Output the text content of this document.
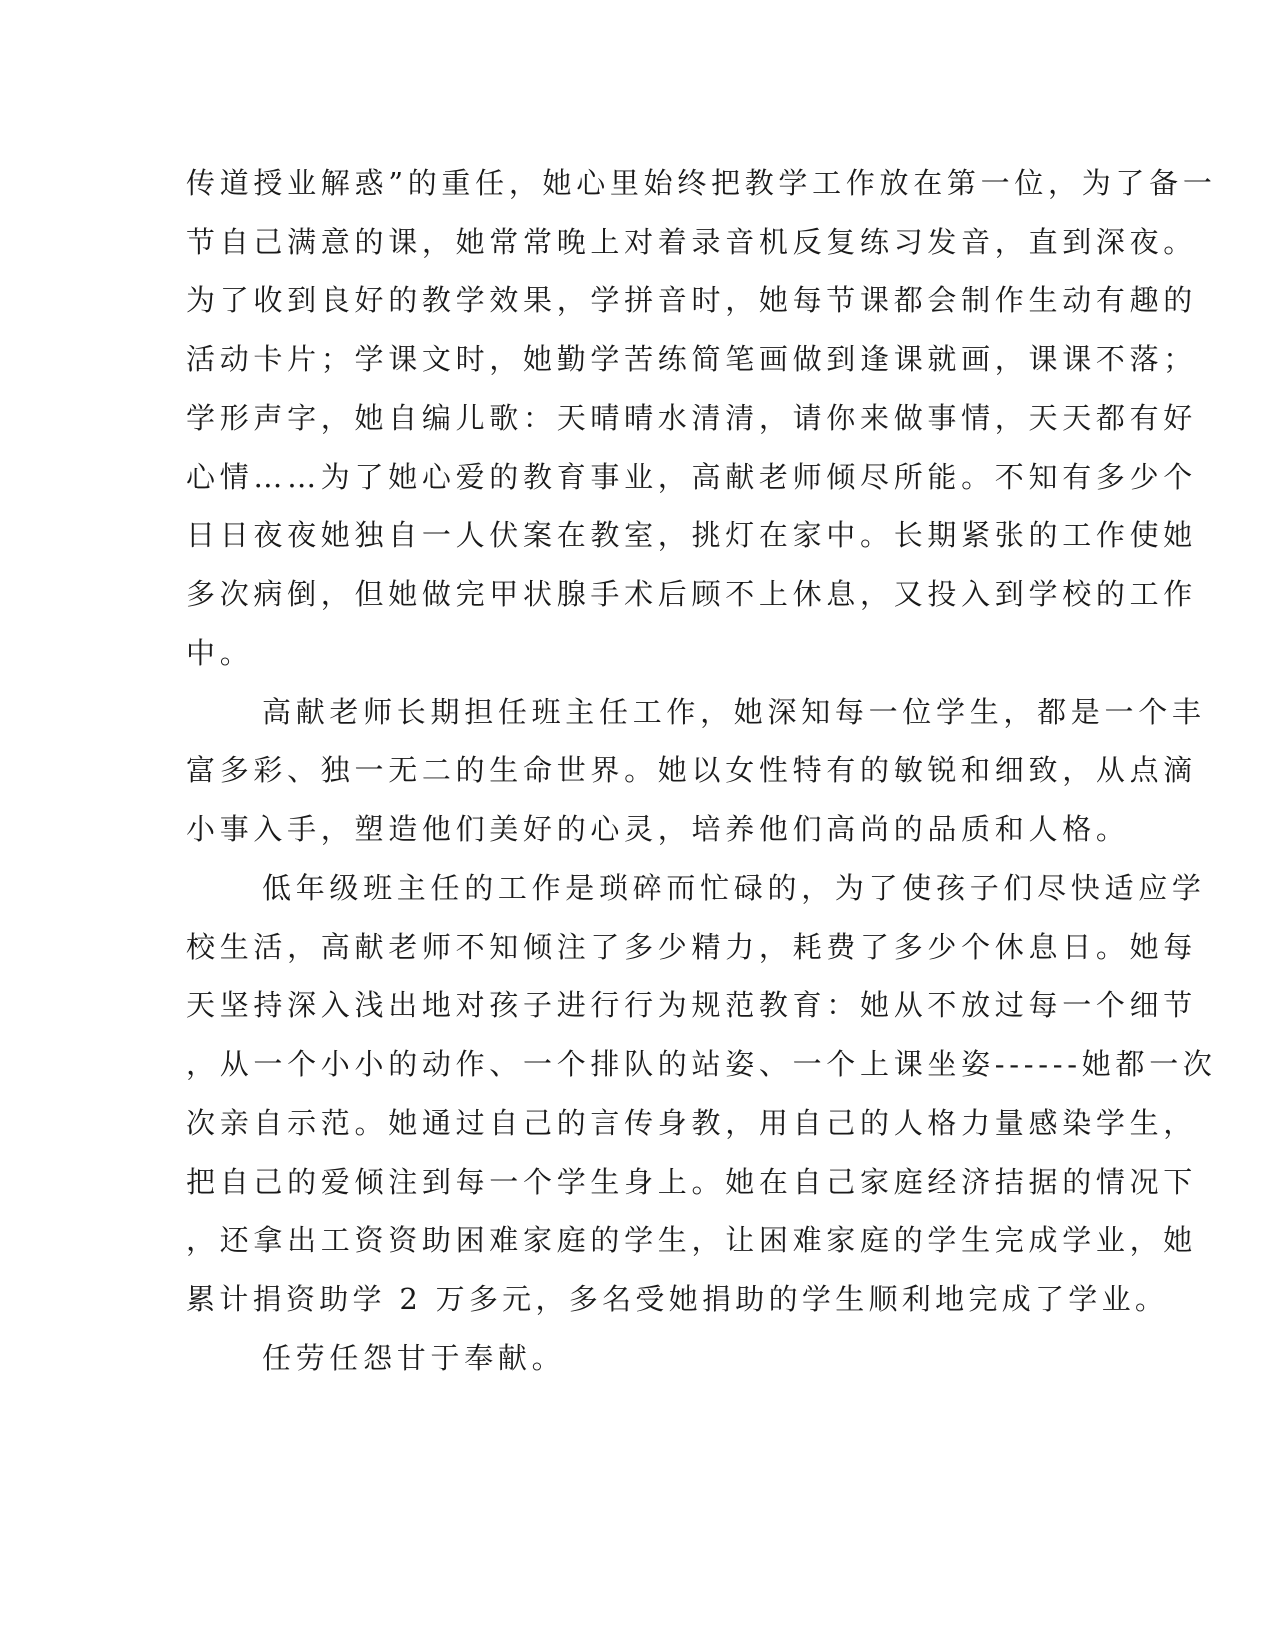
传道授业解惑”的重任，她心里始终把教学工作放在第一位，为了备一
节自己满意的课，她常常晚上对着录音机反复练习发音，直到深夜。
为了收到良好的教学效果，学拼音时，她每节课都会制作生动有趣的
活动卡片；学课文时，她勤学苦练简笔画做到逢课就画，课课不落；
学形声字，她自编儿歌：天晴晴水清清，请你来做事情，天天都有好
心情……为了她心爱的教育事业，高献老师倾尽所能。不知有多少个
日日夜夜她独自一人伏案在教室，挑灯在家中。长期紧张的工作使她
多次病倒，但她做完甲状腺手术后顾不上休息，又投入到学校的工作
中。
高献老师长期担任班主任工作，她深知每一位学生，都是一个丰
富多彩、独一无二的生命世界。她以女性特有的敏锐和细致，从点滴
小事入手，塑造他们美好的心灵，培养他们高尚的品质和人格。
低年级班主任的工作是琐碎而忙碌的，为了使孩子们尽快适应学
校生活，高献老师不知倾注了多少精力，耗费了多少个休息日。她每
天坚持深入浅出地对孩子进行行为规范教育：她从不放过每一个细节
，从一个小小的动作、一个排队的站姿、一个上课坐姿------她都一次
次亲自示范。她通过自己的言传身教，用自己的人格力量感染学生，
把自己的爱倾注到每一个学生身上。她在自己家庭经济拮据的情况下
，还拿出工资资助困难家庭的学生，让困难家庭的学生完成学业，她
累计捐资助学 2 万多元，多名受她捐助的学生顺利地完成了学业。
任劳任怨甘于奉献。
